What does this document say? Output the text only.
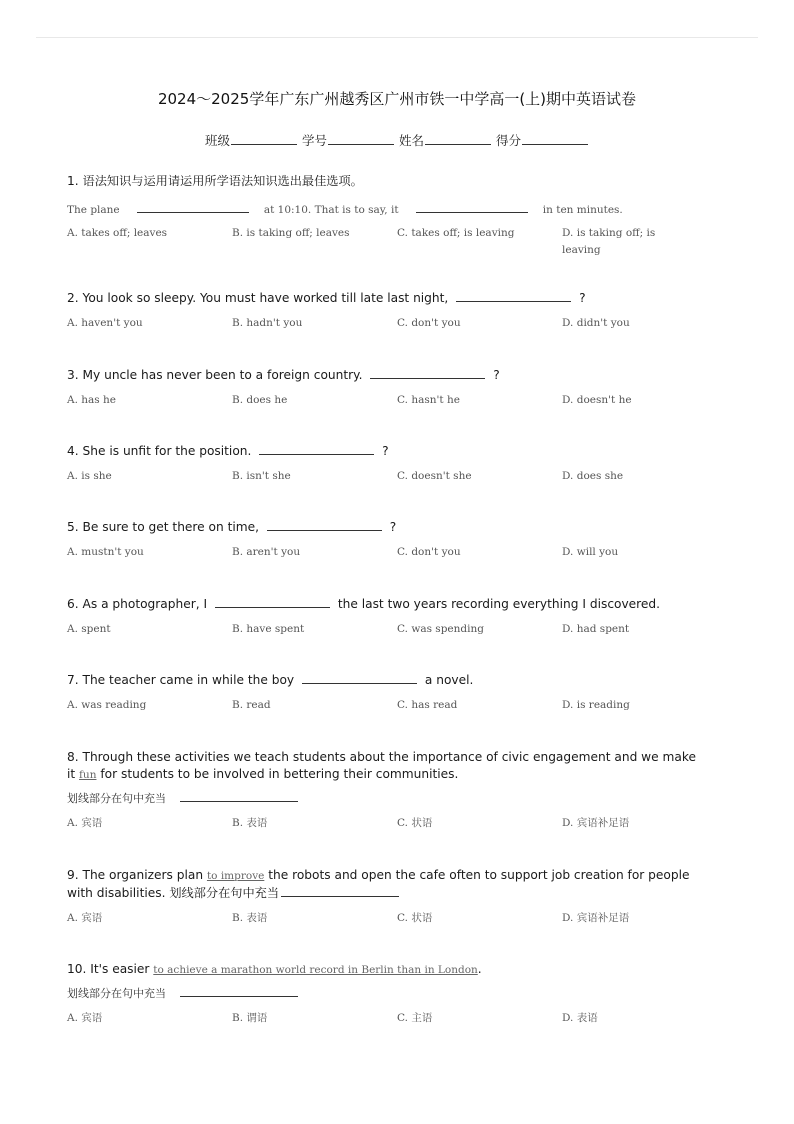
2024～2025学年广东广州越秀区广州市铁一中学高一(上)期中英语试卷
班级	学号	姓名	得分
1. 语法知识与运用请运用所学语法知识选出最佳选项。
The plane	at 10:10. That is to say, it	in ten minutes.
A. takes off; leaves	B. is taking off; leaves	C. takes off; is leaving	D. is taking off; is leaving
2. You look so sleepy. You must have worked till late last night,	?
A. haven't you	B. hadn't you	C. don't you	D. didn't you
3. My uncle has never been to a foreign country.	?
A. has he	B. does he	C. hasn't he	D. doesn't he
4. She is unfit for the position.	?
A. is she	B. isn't she	C. doesn't she	D. does she
5. Be sure to get there on time,	?
A. mustn't you	B. aren't you	C. don't you	D. will you
6. As a photographer, I	the last two years recording everything I discovered.
A. spent	B. have spent	C. was spending	D. had spent
7. The teacher came in while the boy	a novel.
A. was reading	B. read	C. has read	D. is reading
8. Through these activities we teach students about the importance of civic engagement and we make it fun for students to be involved in bettering their communities.
划线部分在句中充当
A. 宾语	B. 表语	C. 状语	D. 宾语补足语
9. The organizers plan to improve the robots and open the cafe often to support job creation for people with disabilities. 划线部分在句中充当
A. 宾语	B. 表语	C. 状语	D. 宾语补足语
10. It's easier to achieve a marathon world record in Berlin than in London.
划线部分在句中充当
A. 宾语	B. 谓语	C. 主语	D. 表语
